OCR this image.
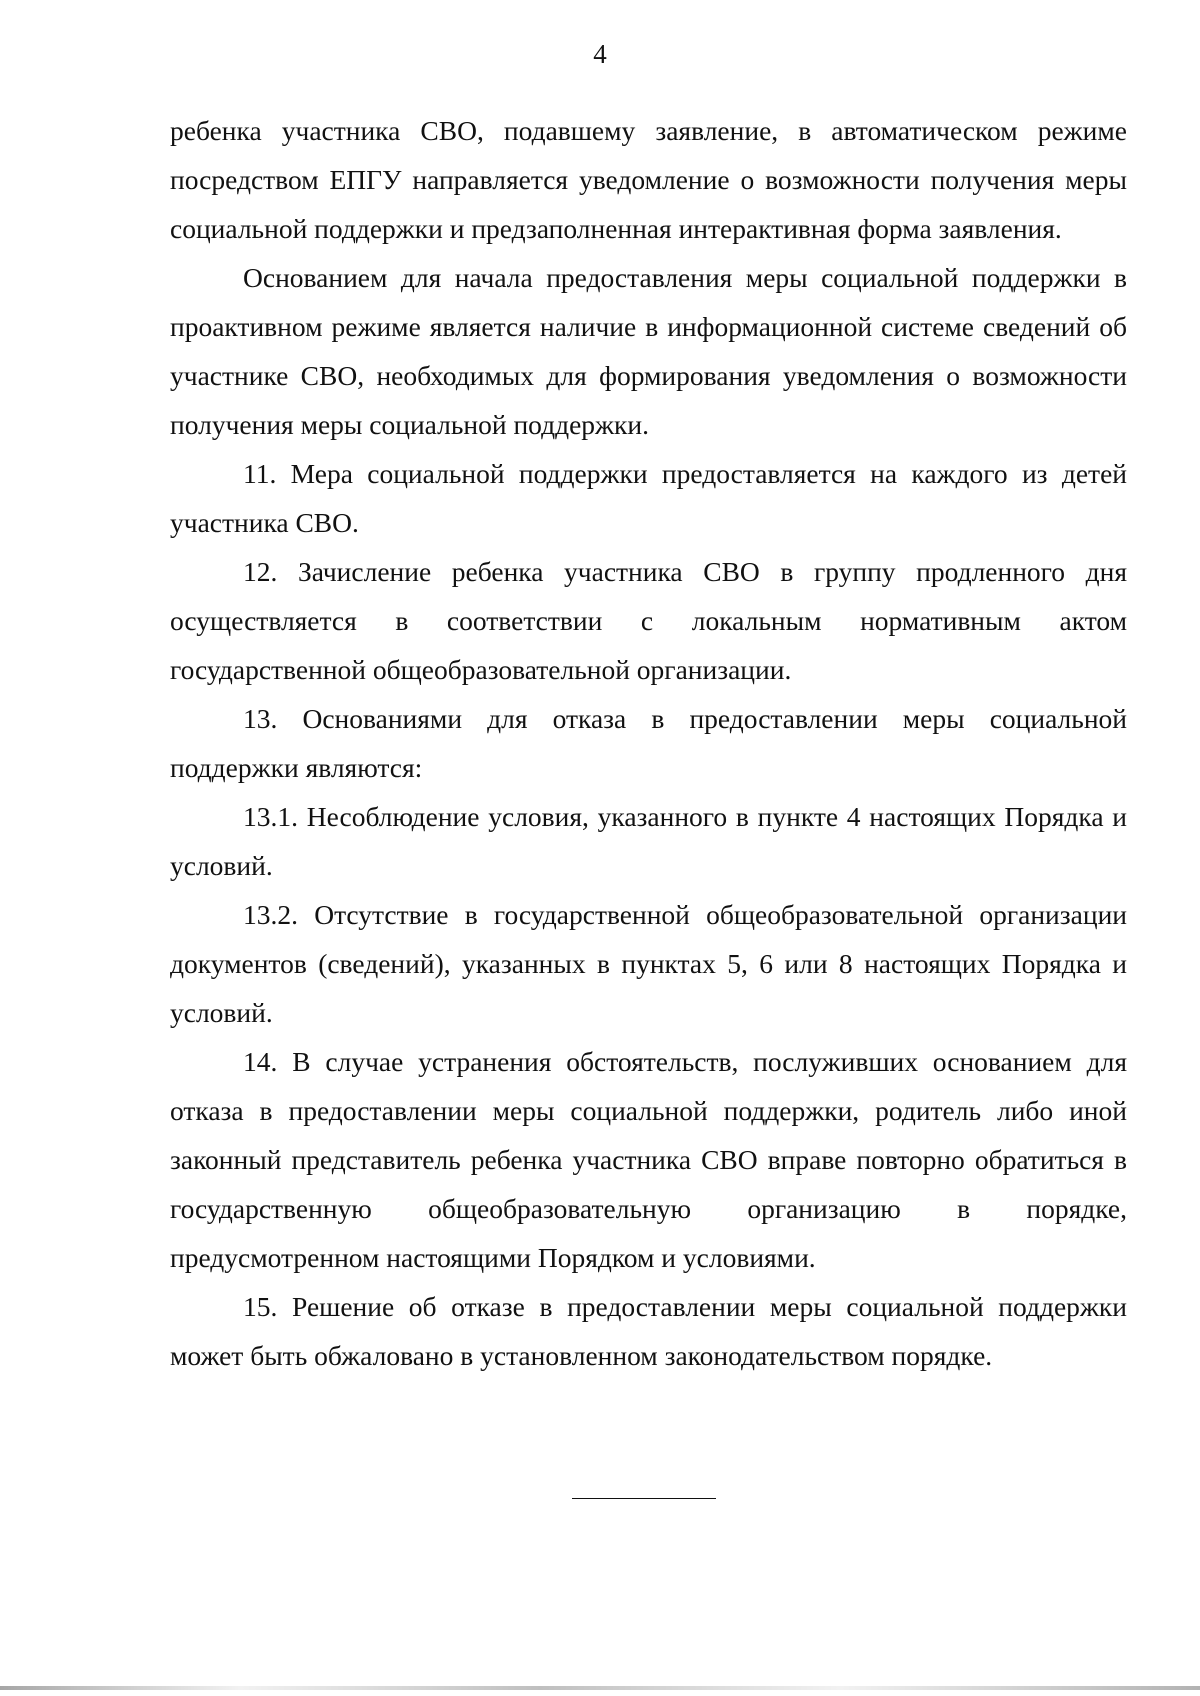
4

ребенка участника СВО, подавшему заявление, в автоматическом режиме посредством ЕПГУ направляется уведомление о возможности получения меры социальной поддержки и предзаполненная интерактивная форма заявления.

Основанием для начала предоставления меры социальной поддержки в проактивном режиме является наличие в информационной системе сведений об участнике СВО, необходимых для формирования уведомления о возможности получения меры социальной поддержки.

11. Мера социальной поддержки предоставляется на каждого из детей участника СВО.

12. Зачисление ребенка участника СВО в группу продленного дня осуществляется в соответствии с локальным нормативным актом государственной общеобразовательной организации.

13. Основаниями для отказа в предоставлении меры социальной поддержки являются:

13.1. Несоблюдение условия, указанного в пункте 4 настоящих Порядка и условий.

13.2. Отсутствие в государственной общеобразовательной организации документов (сведений), указанных в пунктах 5, 6 или 8 настоящих Порядка и условий.

14. В случае устранения обстоятельств, послуживших основанием для отказа в предоставлении меры социальной поддержки, родитель либо иной законный представитель ребенка участника СВО вправе повторно обратиться в государственную общеобразовательную организацию в порядке, предусмотренном настоящими Порядком и условиями.

15. Решение об отказе в предоставлении меры социальной поддержки может быть обжаловано в установленном законодательством порядке.
